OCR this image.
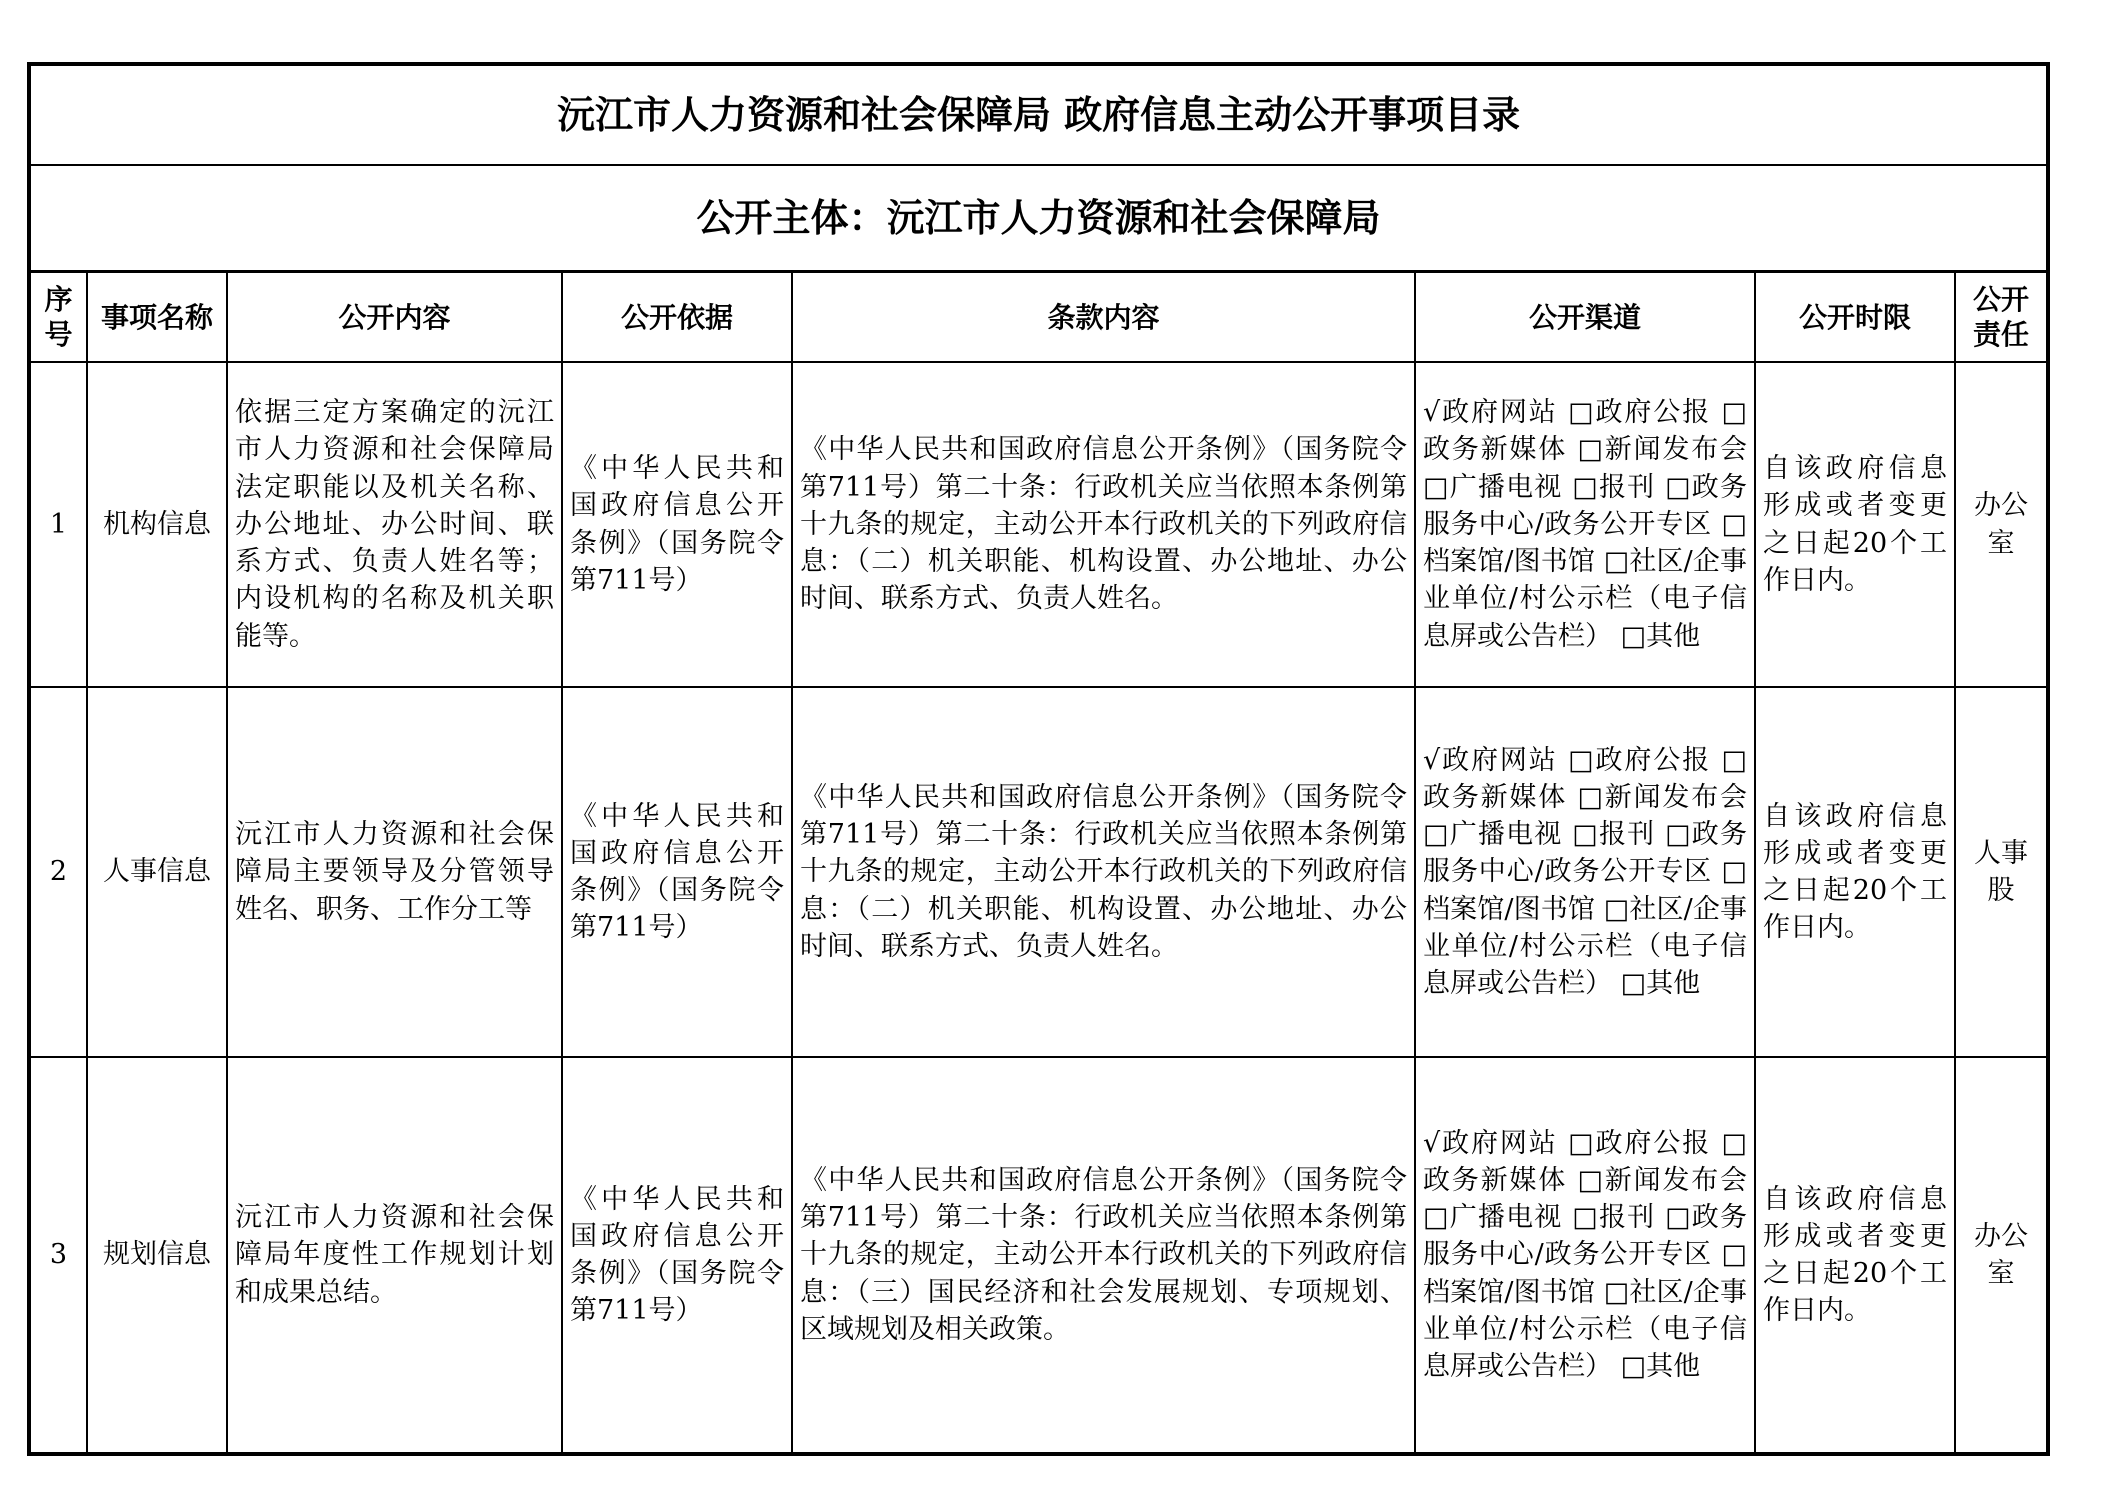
沅江市人力资源和社会保障局 政府信息主动公开事项目录							
公开主体：沅江市人力资源和社会保障局							
序号	事项名称	公开内容	公开依据	条款内容	公开渠道	公开时限	公开责任
1	机构信息	依据三定方案确定的沅江市人力资源和社会保障局法定职能以及机关名称、办公地址、办公时间、联系方式、负责人姓名等；内设机构的名称及机关职能等。	《中华人民共和国政府信息公开条例》（国务院令第711号）	《中华人民共和国政府信息公开条例》（国务院令第711号）第二十条：行政机关应当依照本条例第十九条的规定，主动公开本行政机关的下列政府信息：（二）机关职能、机构设置、办公地址、办公时间、联系方式、负责人姓名。	√政府网站 □政府公报 □政务新媒体 □新闻发布会 □广播电视 □报刊 □政务服务中心/政务公开专区 □档案馆/图书馆 □社区/企事业单位/村公示栏（电子信息屏或公告栏） □其他	自该政府信息形成或者变更之日起20个工作日内。	办公室
2	人事信息	沅江市人力资源和社会保障局主要领导及分管领导姓名、职务、工作分工等	《中华人民共和国政府信息公开条例》（国务院令第711号）	《中华人民共和国政府信息公开条例》（国务院令第711号）第二十条：行政机关应当依照本条例第十九条的规定，主动公开本行政机关的下列政府信息：（二）机关职能、机构设置、办公地址、办公时间、联系方式、负责人姓名。	√政府网站 □政府公报 □政务新媒体 □新闻发布会 □广播电视 □报刊 □政务服务中心/政务公开专区 □档案馆/图书馆 □社区/企事业单位/村公示栏（电子信息屏或公告栏） □其他	自该政府信息形成或者变更之日起20个工作日内。	人事股
3	规划信息	沅江市人力资源和社会保障局年度性工作规划计划和成果总结。	《中华人民共和国政府信息公开条例》（国务院令第711号）	《中华人民共和国政府信息公开条例》（国务院令第711号）第二十条：行政机关应当依照本条例第十九条的规定，主动公开本行政机关的下列政府信息：（三）国民经济和社会发展规划、专项规划、区域规划及相关政策。	√政府网站 □政府公报 □政务新媒体 □新闻发布会 □广播电视 □报刊 □政务服务中心/政务公开专区 □档案馆/图书馆 □社区/企事业单位/村公示栏（电子信息屏或公告栏） □其他	自该政府信息形成或者变更之日起20个工作日内。	办公室
